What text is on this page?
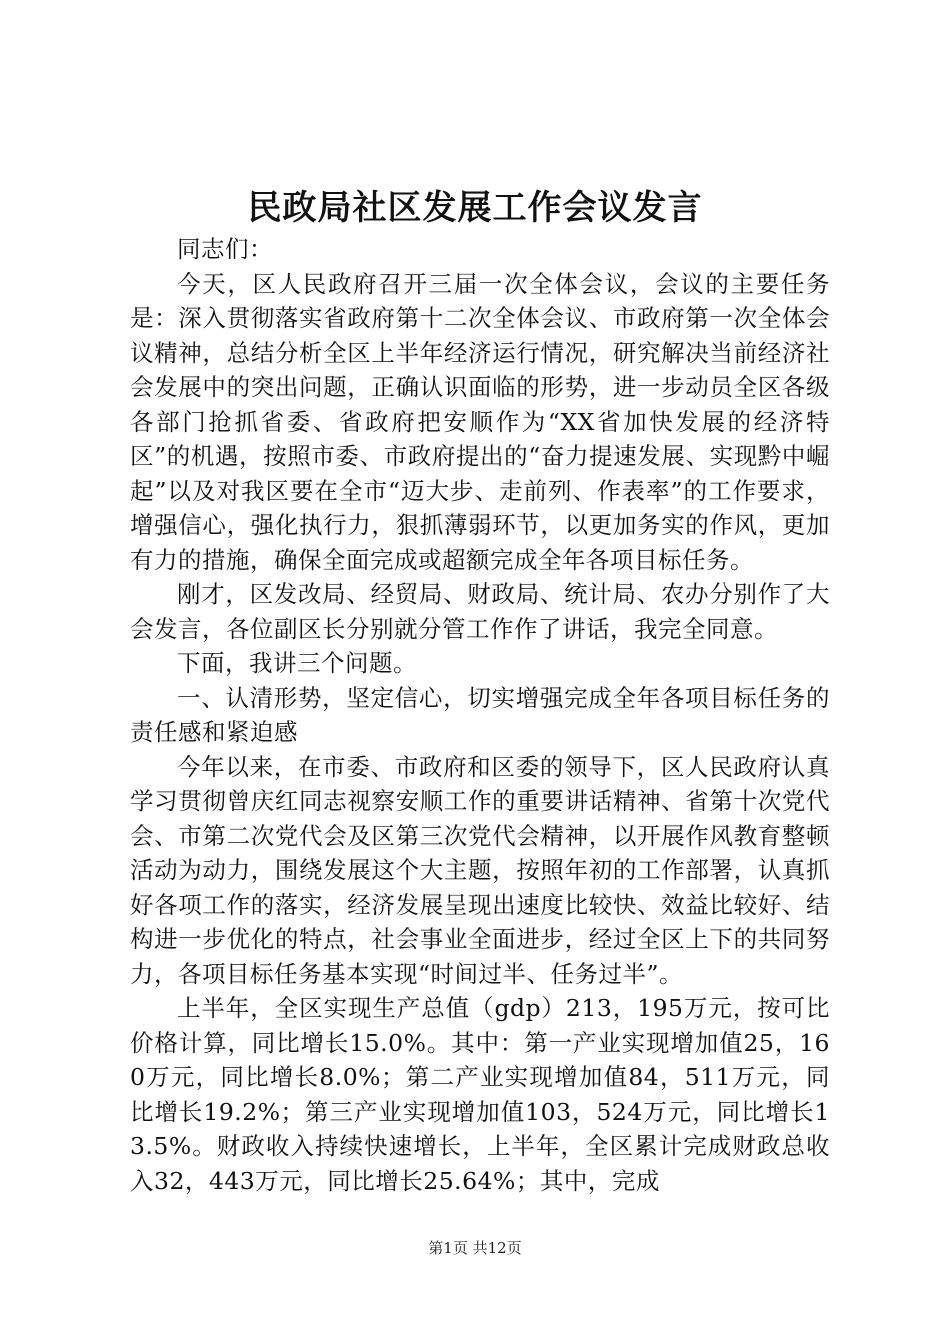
民政局社区发展工作会议发言

同志们：

今天，区人民政府召开三届一次全体会议，会议的主要任务是：深入贯彻落实省政府第十二次全体会议、市政府第一次全体会议精神，总结分析全区上半年经济运行情况，研究解决当前经济社会发展中的突出问题，正确认识面临的形势，进一步动员全区各级各部门抢抓省委、省政府把安顺作为“XX省加快发展的经济特区”的机遇，按照市委、市政府提出的“奋力提速发展、实现黔中崛起”以及对我区要在全市“迈大步、走前列、作表率”的工作要求，增强信心，强化执行力，狠抓薄弱环节，以更加务实的作风，更加有力的措施，确保全面完成或超额完成全年各项目标任务。

刚才，区发改局、经贸局、财政局、统计局、农办分别作了大会发言，各位副区长分别就分管工作作了讲话，我完全同意。

下面，我讲三个问题。

一、认清形势，坚定信心，切实增强完成全年各项目标任务的责任感和紧迫感

今年以来，在市委、市政府和区委的领导下，区人民政府认真学习贯彻曾庆红同志视察安顺工作的重要讲话精神、省第十次党代会、市第二次党代会及区第三次党代会精神，以开展作风教育整顿活动为动力，围绕发展这个大主题，按照年初的工作部署，认真抓好各项工作的落实，经济发展呈现出速度比较快、效益比较好、结构进一步优化的特点，社会事业全面进步，经过全区上下的共同努力，各项目标任务基本实现“时间过半、任务过半”。

上半年，全区实现生产总值（gdp）213，195万元，按可比价格计算，同比增长15.0%。其中：第一产业实现增加值25，160万元，同比增长8.0%；第二产业实现增加值84，511万元，同比增长19.2%；第三产业实现增加值103，524万元，同比增长13.5%。财政收入持续快速增长，上半年，全区累计完成财政总收入32，443万元，同比增长25.64%；其中，完成

第1页 共12页
